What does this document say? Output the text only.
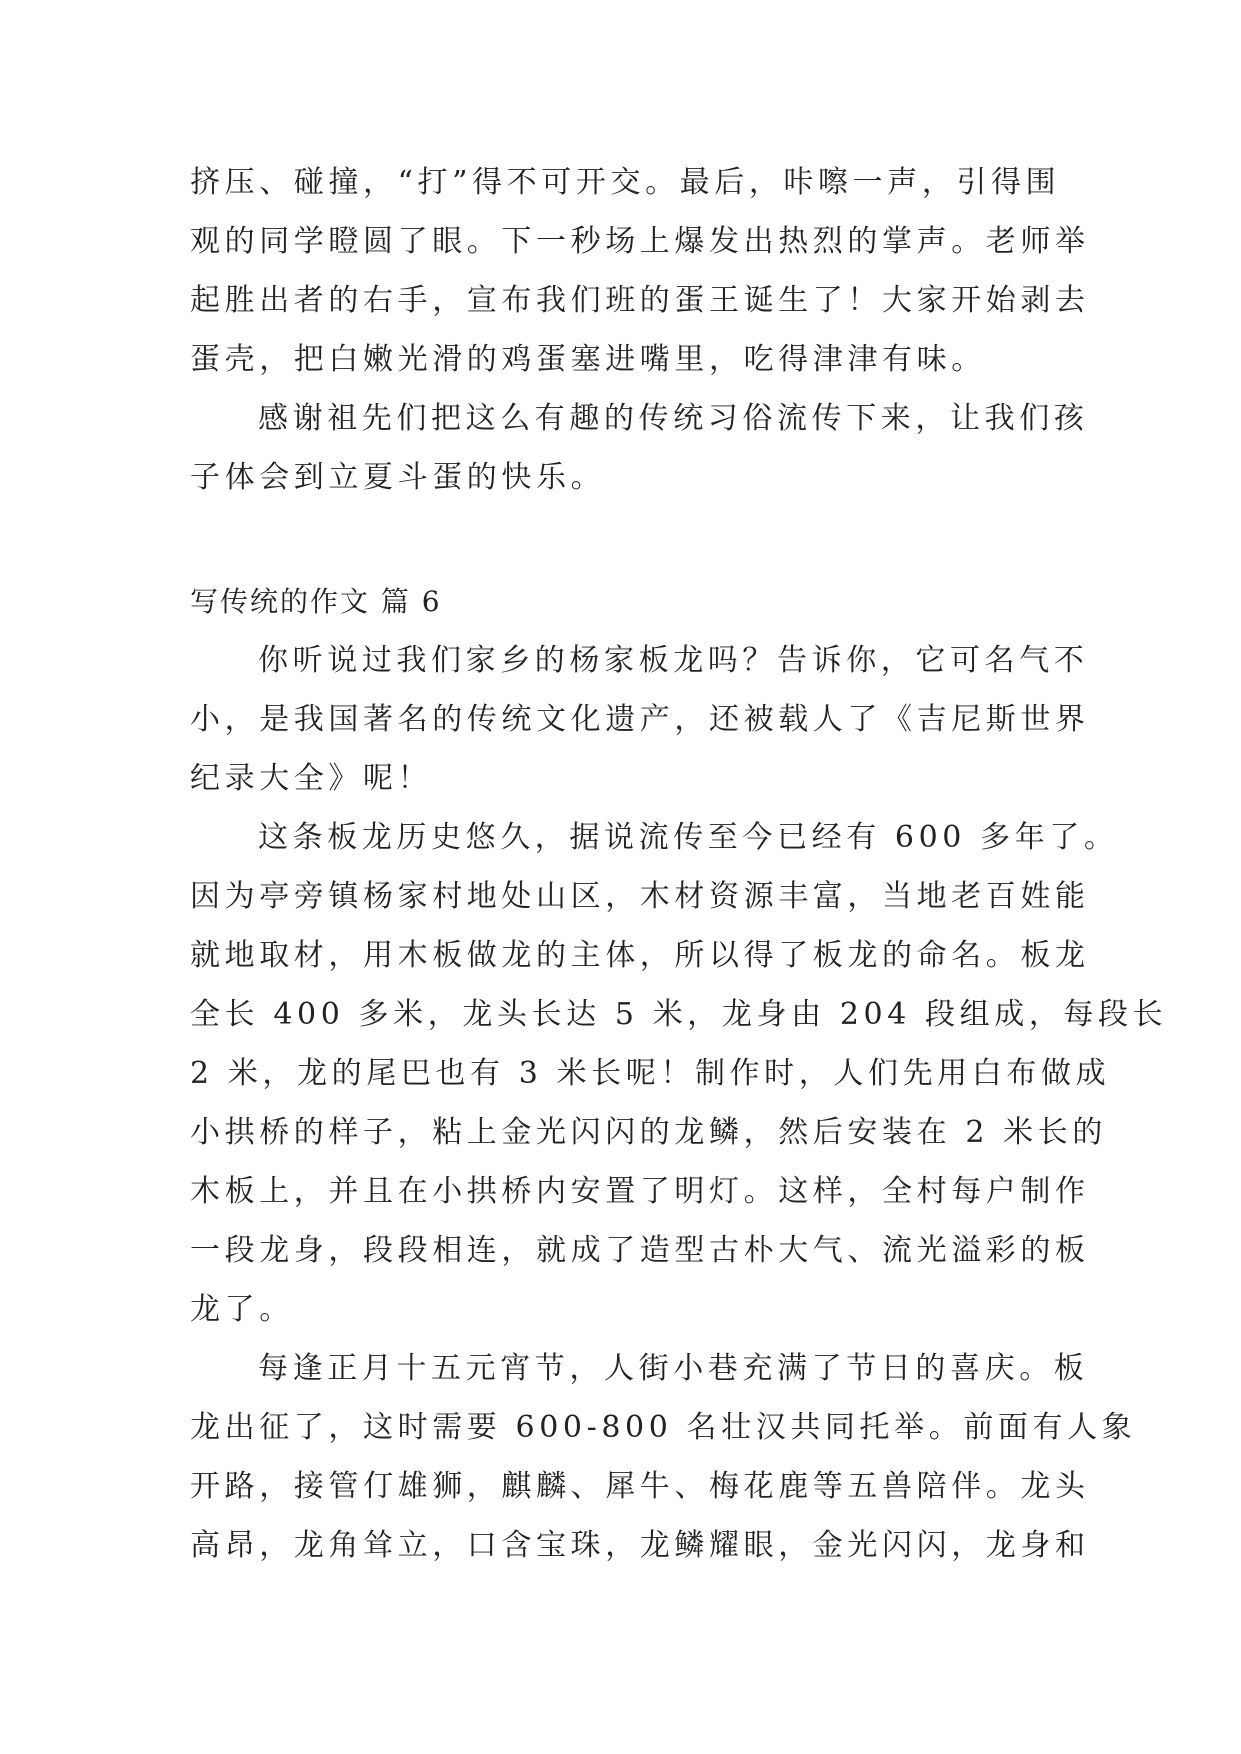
挤压、碰撞，“打”得不可开交。最后，咔嚓一声，引得围
观的同学瞪圆了眼。下一秒场上爆发出热烈的掌声。老师举
起胜出者的右手，宣布我们班的蛋王诞生了！大家开始剥去
蛋壳，把白嫩光滑的鸡蛋塞进嘴里，吃得津津有味。
感谢祖先们把这么有趣的传统习俗流传下来，让我们孩
子体会到立夏斗蛋的快乐。
写传统的作文 篇 6
你听说过我们家乡的杨家板龙吗？告诉你，它可名气不
小，是我国著名的传统文化遗产，还被载人了《吉尼斯世界
纪录大全》呢！
这条板龙历史悠久，据说流传至今已经有 600 多年了。
因为亭旁镇杨家村地处山区，木材资源丰富，当地老百姓能
就地取材，用木板做龙的主体，所以得了板龙的命名。板龙
全长 400 多米，龙头长达 5 米，龙身由 204 段组成，每段长
2 米，龙的尾巴也有 3 米长呢！制作时，人们先用白布做成
小拱桥的样子，粘上金光闪闪的龙鳞，然后安装在 2 米长的
木板上，并且在小拱桥内安置了明灯。这样，全村每户制作
一段龙身，段段相连，就成了造型古朴大气、流光溢彩的板
龙了。
每逢正月十五元宵节，人街小巷充满了节日的喜庆。板
龙出征了，这时需要 600-800 名壮汉共同托举。前面有人象
开路，接管仃雄狮，麒麟、犀牛、梅花鹿等五兽陪伴。龙头
高昂，龙角耸立，口含宝珠，龙鳞耀眼，金光闪闪，龙身和
